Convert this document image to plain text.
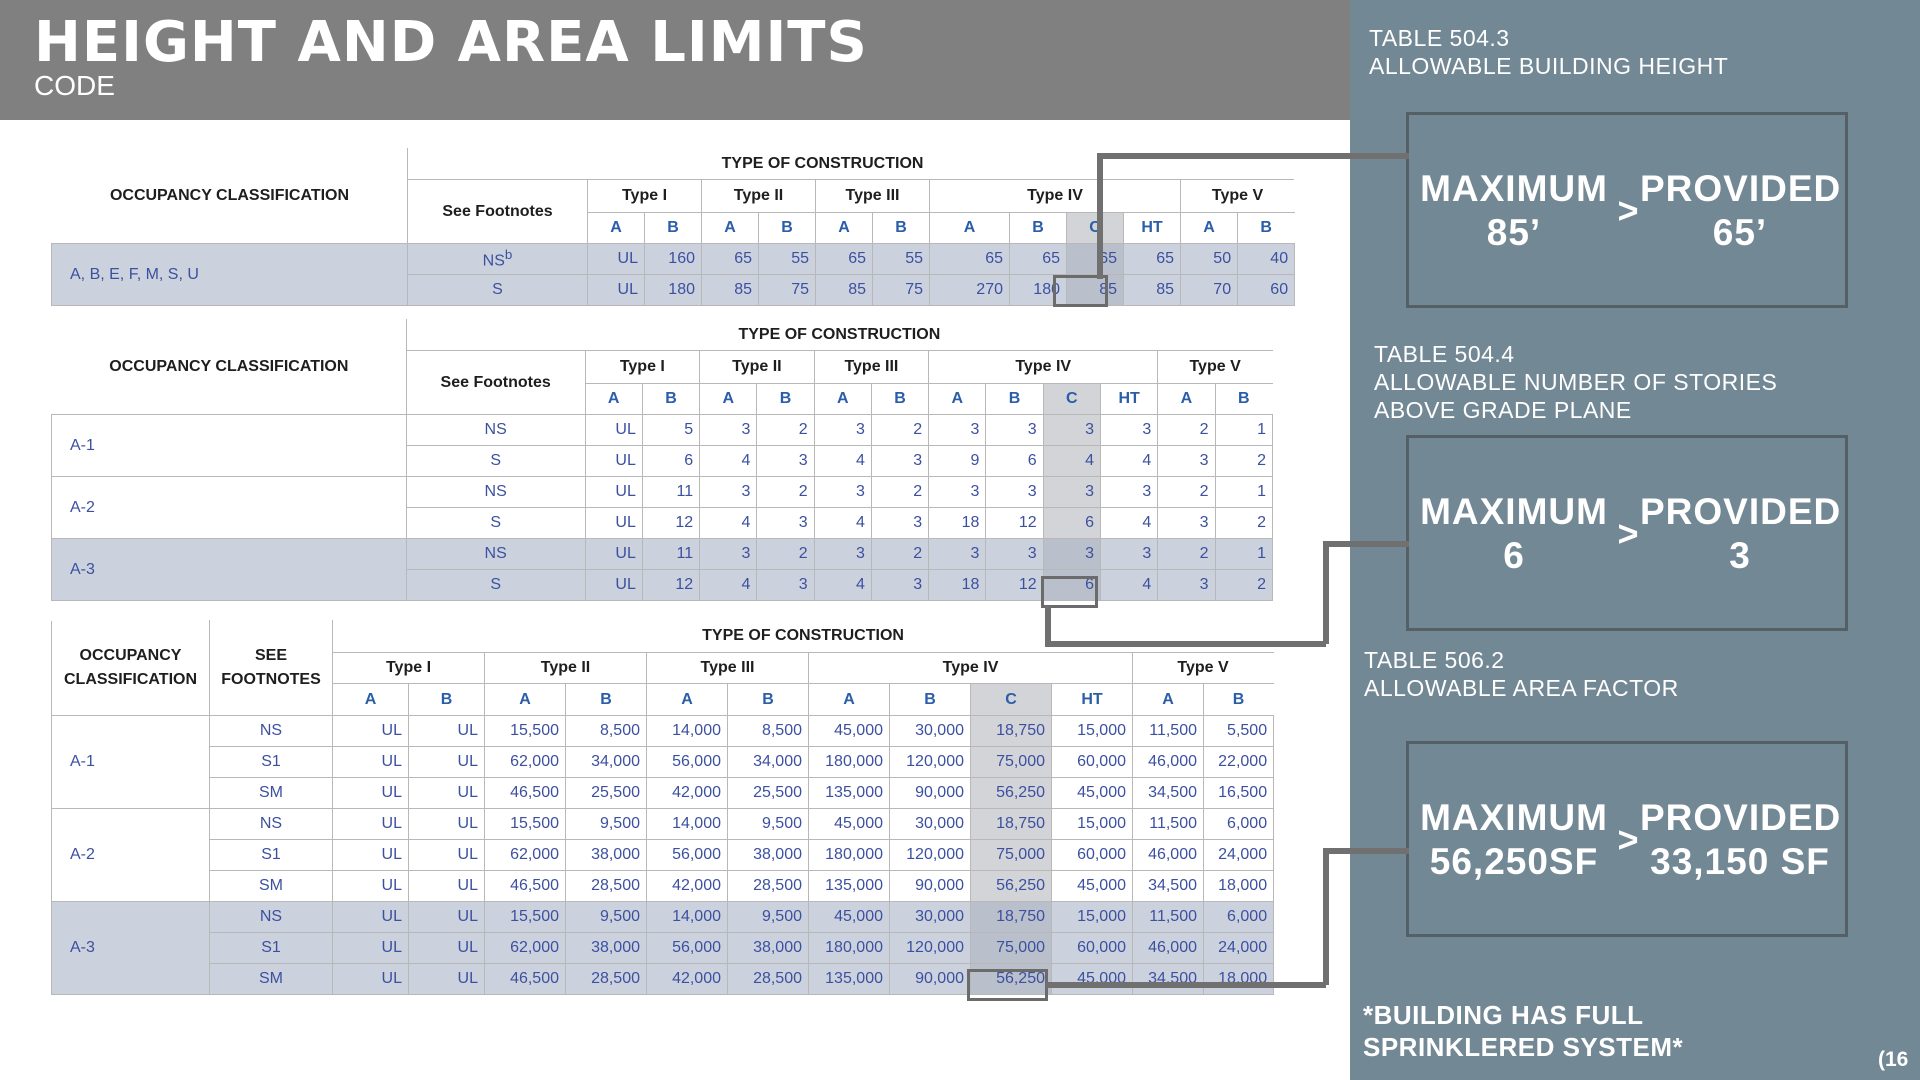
HEIGHT AND AREA LIMITS
CODE
TABLE 504.3
ALLOWABLE BUILDING HEIGHT
MAXIMUM
85’
>
PROVIDED
65’
TABLE 504.4
ALLOWABLE NUMBER OF STORIES ABOVE GRADE PLANE
MAXIMUM
6
>
PROVIDED
3
TABLE 506.2
ALLOWABLE AREA FACTOR
MAXIMUM
56,250SF
>
PROVIDED
33,150 SF
*BUILDING HAS FULL SPRINKLERED SYSTEM*	(16
OCCUPANCY CLASSIFICATION	TYPE OF CONSTRUCTION												
	See Footnotes	Type I		Type II		Type III		Type IV				Type V	
		A	B	A	B	A	B	A	B	C	HT	A	B
A, B, E, F, M, S, U	$NS^b$	UL	160	65	55	65	55	65	65	65	65	50	40
	S	UL	180	85	75	85	75	270	180	85	85	70	60
OCCUPANCY CLASSIFICATION	TYPE OF CONSTRUCTION												
	See Footnotes	Type I		Type II		Type III		Type IV				Type V	
		A	B	A	B	A	B	A	B	C	HT	A	B
A-1	NS	UL	5	3	2	3	2	3	3	3	3	2	1
	S	UL	6	4	3	4	3	9	6	4	4	3	2
A-2	NS	UL	11	3	2	3	2	3	3	3	3	2	1
	S	UL	12	4	3	4	3	18	12	6	4	3	2
A-3	NS	UL	11	3	2	3	2	3	3	3	3	2	1
	S	UL	12	4	3	4	3	18	12	6	4	3	2
OCCUPANCY CLASSIFICATION	SEE FOOTNOTES	TYPE OF CONSTRUCTION											
		Type I		Type II		Type III		Type IV				Type V	
		A	B	A	B	A	B	A	B	C	HT	A	B
A-1	NS	UL	UL	15,500	8,500	14,000	8,500	45,000	30,000	18,750	15,000	11,500	5,500
	S1	UL	UL	62,000	34,000	56,000	34,000	180,000	120,000	75,000	60,000	46,000	22,000
	SM	UL	UL	46,500	25,500	42,000	25,500	135,000	90,000	56,250	45,000	34,500	16,500
A-2	NS	UL	UL	15,500	9,500	14,000	9,500	45,000	30,000	18,750	15,000	11,500	6,000
	S1	UL	UL	62,000	38,000	56,000	38,000	180,000	120,000	75,000	60,000	46,000	24,000
	SM	UL	UL	46,500	28,500	42,000	28,500	135,000	90,000	56,250	45,000	34,500	18,000
A-3	NS	UL	UL	15,500	9,500	14,000	9,500	45,000	30,000	18,750	15,000	11,500	6,000
	S1	UL	UL	62,000	38,000	56,000	38,000	180,000	120,000	75,000	60,000	46,000	24,000
	SM	UL	UL	46,500	28,500	42,000	28,500	135,000	90,000	56,250	45,000	34,500	18,000
